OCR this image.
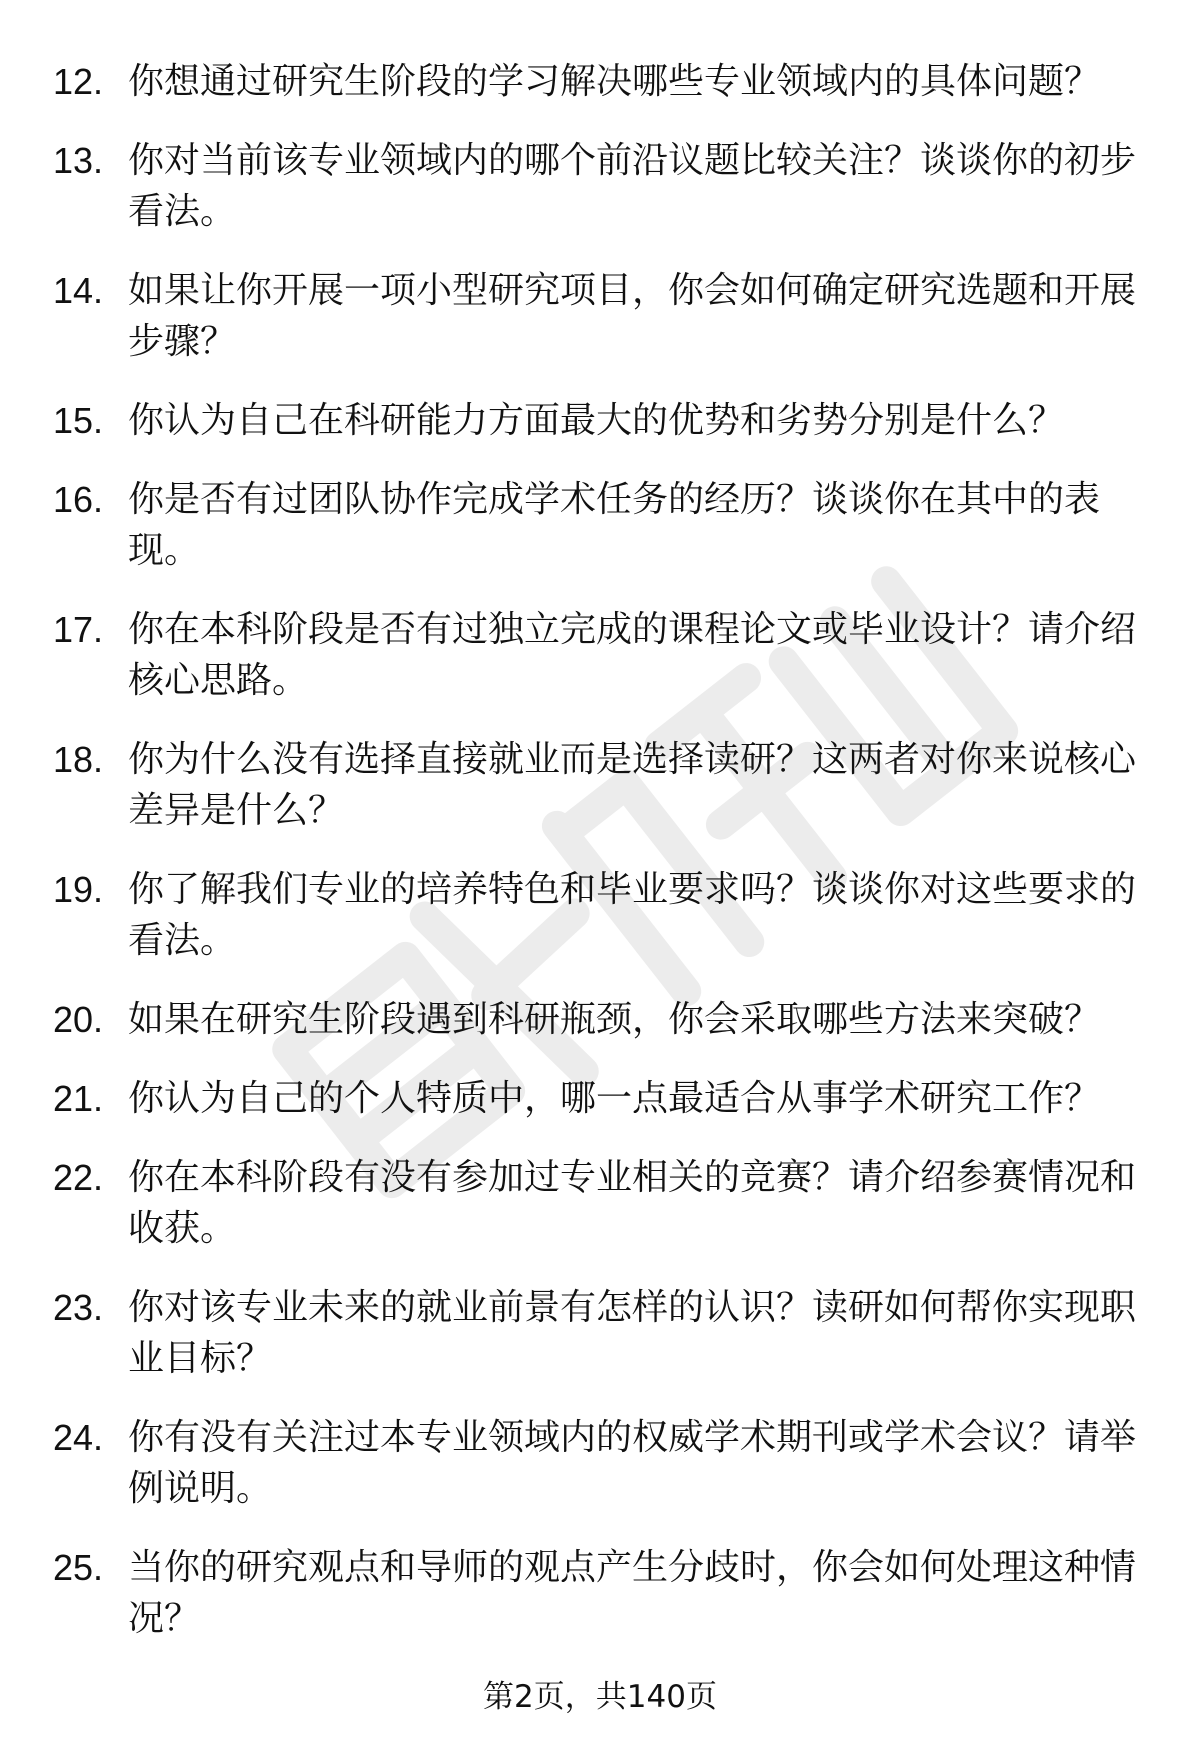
12. 你想通过研究生阶段的学习解决哪些专业领域内的具体问题？
13. 你对当前该专业领域内的哪个前沿议题比较关注？谈谈你的初步看法。
14. 如果让你开展一项小型研究项目，你会如何确定研究选题和开展步骤？
15. 你认为自己在科研能力方面最大的优势和劣势分别是什么？
16. 你是否有过团队协作完成学术任务的经历？谈谈你在其中的表现。
17. 你在本科阶段是否有过独立完成的课程论文或毕业设计？请介绍核心思路。
18. 你为什么没有选择直接就业而是选择读研？这两者对你来说核心差异是什么？
19. 你了解我们专业的培养特色和毕业要求吗？谈谈你对这些要求的看法。
20. 如果在研究生阶段遇到科研瓶颈，你会采取哪些方法来突破？
21. 你认为自己的个人特质中，哪一点最适合从事学术研究工作？
22. 你在本科阶段有没有参加过专业相关的竞赛？请介绍参赛情况和收获。
23. 你对该专业未来的就业前景有怎样的认识？读研如何帮你实现职业目标？
24. 你有没有关注过本专业领域内的权威学术期刊或学术会议？请举例说明。
25. 当你的研究观点和导师的观点产生分歧时，你会如何处理这种情况？
第2页，共140页
